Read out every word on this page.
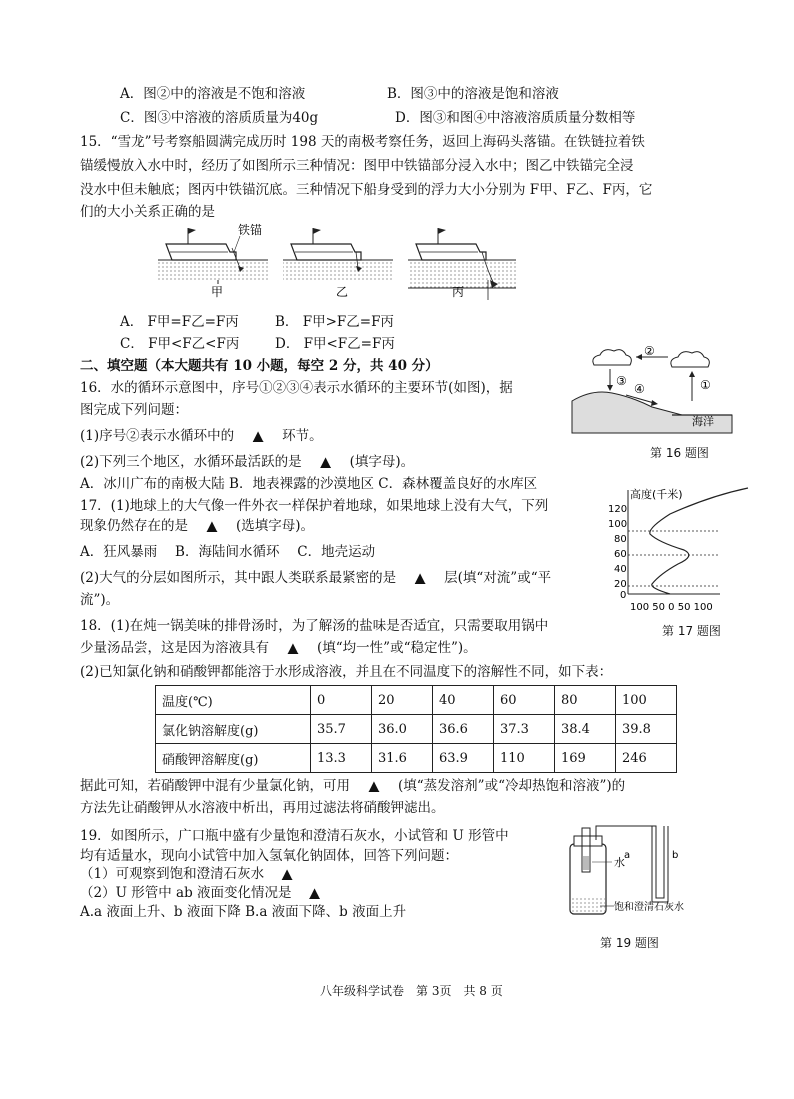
A．图②中的溶液是不饱和溶液	B．图③中的溶液是饱和溶液
C．图③中溶液的溶质质量为40g	D．图③和图④中溶液溶质质量分数相等
15．“雪龙”号考察船圆满完成历时 198 天的南极考察任务，返回上海码头落锚。在铁链拉着铁
锚缓慢放入水中时，经历了如图所示三种情况：图甲中铁锚部分浸入水中；图乙中铁锚完全浸
没水中但未触底；图丙中铁锚沉底。三种情况下船身受到的浮力大小分别为 F甲、F乙、F丙，它
们的大小关系正确的是
铁锚
甲	乙	丙
A． F甲=F乙=F丙	B． F甲>F乙=F丙
C． F甲<F乙<F丙	D． F甲<F乙=F丙
二、填空题（本大题共有 10 小题，每空 2 分，共 40 分）
16．水的循环示意图中，序号①②③④表示水循环的主要环节(如图)，据
图完成下列问题：
(1)序号②表示水循环中的 ▲ 环节。
(2)下列三个地区，水循环最活跃的是 ▲ (填字母)。
A．冰川广布的南极大陆 B．地表裸露的沙漠地区 C．森林覆盖良好的水库区
②
③
④	①
海洋
第 16 题图
17．(1)地球上的大气像一件外衣一样保护着地球，如果地球上没有大气，下列
现象仍然存在的是 ▲ (选填字母)。
A．狂风暴雨　 B．海陆间水循环　 C．地壳运动
(2)大气的分层如图所示，其中跟人类联系最紧密的是 ▲ 层(填“对流”或“平
流”)。
高度(千米)
120
100
80
60
40
20
0
100 50 0 50 100
第 17 题图
18．(1)在炖一锅美味的排骨汤时，为了解汤的盐味是否适宜，只需要取用锅中
少量汤品尝，这是因为溶液具有 ▲ (填“均一性”或“稳定性”)。
(2)已知氯化钠和硝酸钾都能溶于水形成溶液，并且在不同温度下的溶解性不同，如下表：
温度(℃)	0	20	40	60	80	100
氯化钠溶解度(g)	35.7	36.0	36.6	37.3	38.4	39.8
硝酸钾溶解度(g)	13.3	31.6	63.9	110	169	246
据此可知，若硝酸钾中混有少量氯化钠，可用 ▲ (填“蒸发溶剂”或“冷却热饱和溶液”)的
方法先让硝酸钾从水溶液中析出，再用过滤法将硝酸钾滤出。
19．如图所示，广口瓶中盛有少量饱和澄清石灰水，小试管和 U 形管中
均有适量水，现向小试管中加入氢氧化钠固体，回答下列问题：
（1）可观察到饱和澄清石灰水 ▲
（2）U 形管中 ab 液面变化情况是 ▲
A.a 液面上升、b 液面下降 B.a 液面下降、b 液面上升
a	b
水
饱和澄清石灰水
第 19 题图
八年级科学试卷　第 3页　共 8 页
